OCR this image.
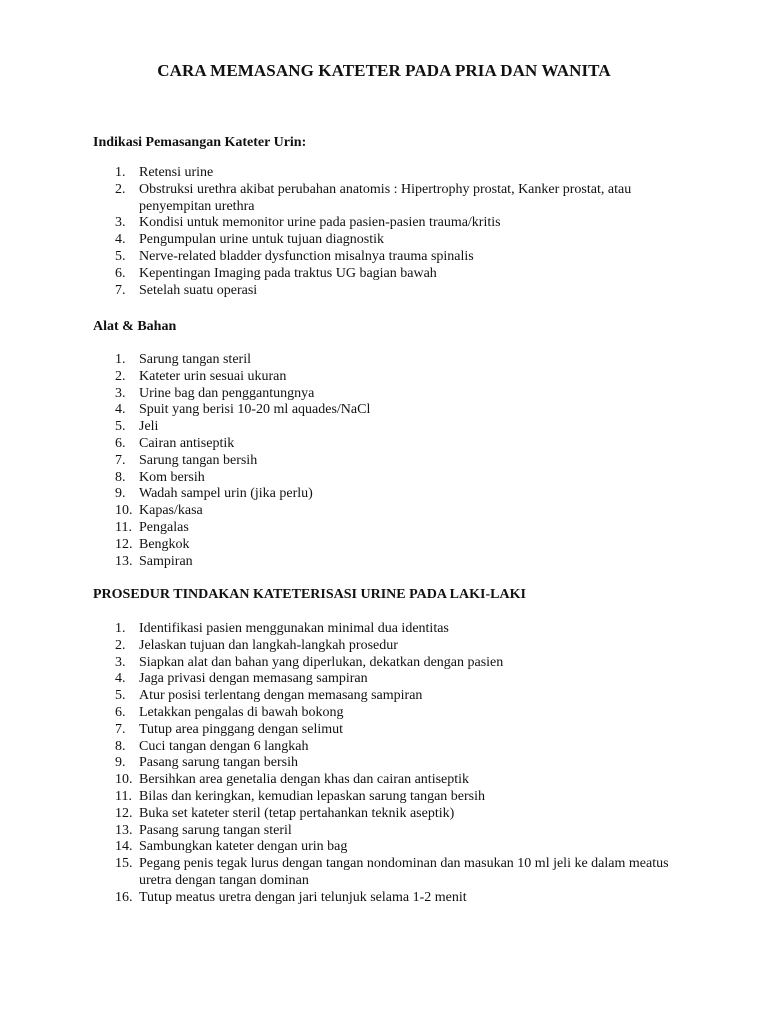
CARA MEMASANG KATETER PADA PRIA DAN WANITA
Indikasi Pemasangan Kateter Urin:
1. Retensi urine
2. Obstruksi urethra akibat perubahan anatomis : Hipertrophy prostat, Kanker prostat, atau penyempitan urethra
3. Kondisi untuk memonitor urine pada pasien-pasien trauma/kritis
4. Pengumpulan urine untuk tujuan diagnostik
5. Nerve-related bladder dysfunction misalnya trauma spinalis
6. Kepentingan Imaging pada traktus UG bagian bawah
7. Setelah suatu operasi
Alat & Bahan
1. Sarung tangan steril
2. Kateter urin sesuai ukuran
3. Urine bag dan penggantungnya
4. Spuit yang berisi 10-20 ml aquades/NaCl
5. Jeli
6. Cairan antiseptik
7. Sarung tangan bersih
8. Kom bersih
9. Wadah sampel urin (jika perlu)
10. Kapas/kasa
11. Pengalas
12. Bengkok
13. Sampiran
PROSEDUR TINDAKAN KATETERISASI URINE PADA LAKI-LAKI
1. Identifikasi pasien menggunakan minimal dua identitas
2. Jelaskan tujuan dan langkah-langkah prosedur
3. Siapkan alat dan bahan yang diperlukan, dekatkan dengan pasien
4. Jaga privasi dengan memasang sampiran
5. Atur posisi terlentang dengan memasang sampiran
6. Letakkan pengalas di bawah bokong
7. Tutup area pinggang dengan selimut
8. Cuci tangan dengan 6 langkah
9. Pasang sarung tangan bersih
10. Bersihkan area genetalia dengan khas dan cairan antiseptik
11. Bilas dan keringkan, kemudian lepaskan sarung tangan bersih
12. Buka set kateter steril (tetap pertahankan teknik aseptik)
13. Pasang sarung tangan steril
14. Sambungkan kateter dengan urin bag
15. Pegang penis tegak lurus dengan tangan nondominan dan masukan 10 ml jeli ke dalam meatus uretra dengan tangan dominan
16. Tutup meatus uretra dengan jari telunjuk selama 1-2 menit
